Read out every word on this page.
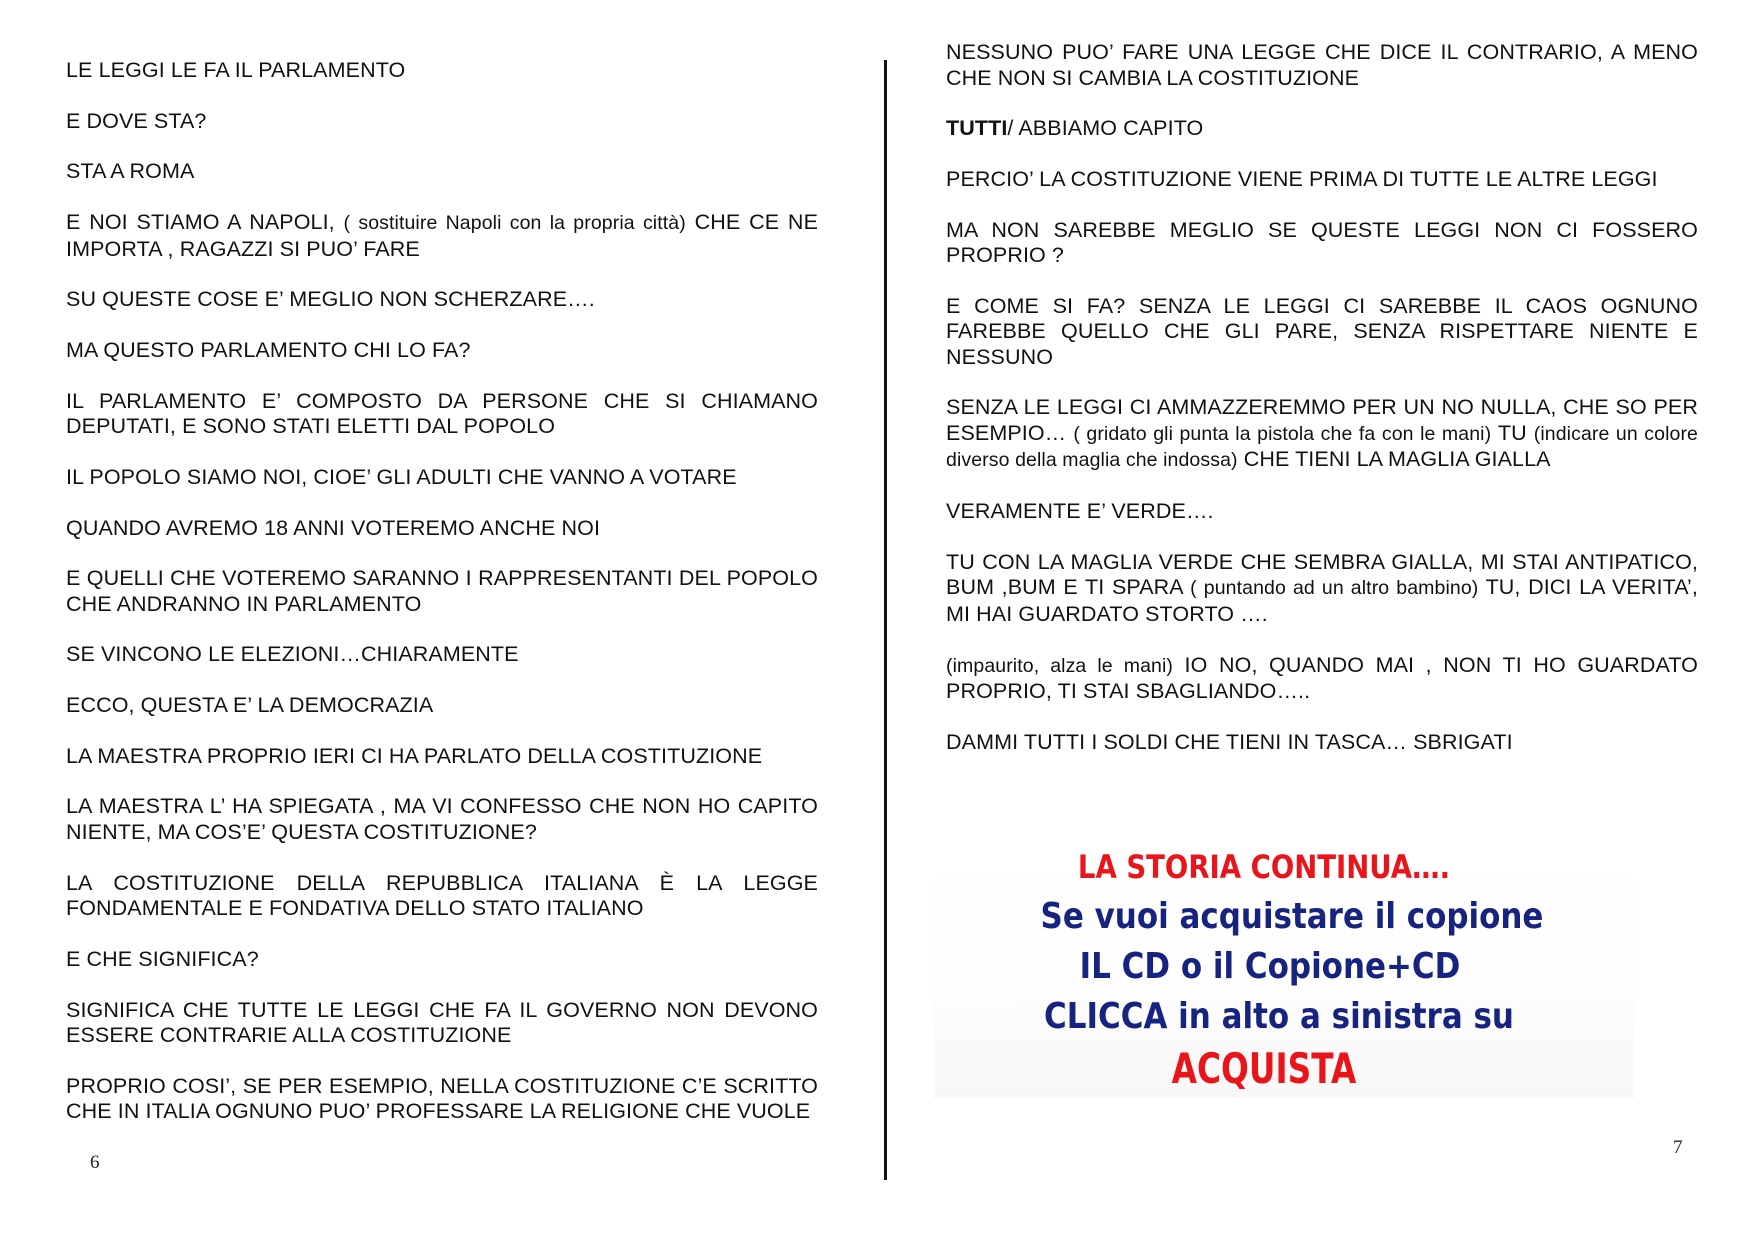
LE LEGGI LE FA IL PARLAMENTO

E DOVE STA?

STA A ROMA

E NOI STIAMO A NAPOLI, ( sostituire Napoli con la propria città) CHE CE NE IMPORTA , RAGAZZI SI PUO’ FARE

SU QUESTE COSE E’ MEGLIO NON SCHERZARE….

MA QUESTO PARLAMENTO CHI LO FA?

IL PARLAMENTO E’ COMPOSTO DA PERSONE CHE SI CHIAMANO DEPUTATI, E SONO STATI ELETTI DAL POPOLO

IL POPOLO SIAMO NOI, CIOE’ GLI ADULTI CHE VANNO A VOTARE

QUANDO AVREMO 18 ANNI VOTEREMO ANCHE NOI

E QUELLI CHE VOTEREMO SARANNO I RAPPRESENTANTI DEL POPOLO CHE ANDRANNO IN PARLAMENTO

SE VINCONO LE ELEZIONI…CHIARAMENTE

ECCO, QUESTA E’ LA DEMOCRAZIA

LA MAESTRA PROPRIO IERI CI HA PARLATO DELLA COSTITUZIONE

LA MAESTRA L’ HA SPIEGATA , MA VI CONFESSO CHE NON HO CAPITO NIENTE, MA COS’E’ QUESTA COSTITUZIONE?

LA COSTITUZIONE DELLA REPUBBLICA ITALIANA È LA LEGGE FONDAMENTALE E FONDATIVA DELLO STATO ITALIANO

E CHE SIGNIFICA?

SIGNIFICA CHE TUTTE LE LEGGI CHE FA IL GOVERNO NON DEVONO ESSERE CONTRARIE ALLA COSTITUZIONE

PROPRIO COSI’, SE PER ESEMPIO, NELLA COSTITUZIONE C’E SCRITTO CHE IN ITALIA OGNUNO PUO’ PROFESSARE LA RELIGIONE CHE VUOLE

6

NESSUNO PUO’ FARE UNA LEGGE CHE DICE IL CONTRARIO, A MENO CHE NON SI CAMBIA LA COSTITUZIONE

TUTTI/ ABBIAMO CAPITO

PERCIO’ LA COSTITUZIONE VIENE PRIMA DI TUTTE LE ALTRE LEGGI

MA NON SAREBBE MEGLIO SE QUESTE LEGGI NON CI FOSSERO PROPRIO ?

E COME SI FA? SENZA LE LEGGI CI SAREBBE IL CAOS OGNUNO FAREBBE QUELLO CHE GLI PARE, SENZA RISPETTARE NIENTE E NESSUNO

SENZA LE LEGGI CI AMMAZZEREMMO PER UN NO NULLA, CHE SO PER ESEMPIO… ( gridato gli punta la pistola che fa con le mani) TU (indicare un colore diverso della maglia che indossa) CHE TIENI LA MAGLIA GIALLA

VERAMENTE E’ VERDE….

TU CON LA MAGLIA VERDE CHE SEMBRA GIALLA, MI STAI ANTIPATICO, BUM ,BUM E TI SPARA ( puntando ad un altro bambino) TU, DICI LA VERITA’, MI HAI GUARDATO STORTO ….

(impaurito, alza le mani) IO NO, QUANDO MAI , NON TI HO GUARDATO PROPRIO, TI STAI SBAGLIANDO…..

DAMMI TUTTI I SOLDI CHE TIENI IN TASCA… SBRIGATI

LA STORIA CONTINUA….
Se vuoi acquistare il copione
IL CD o il Copione+CD
CLICCA in alto a sinistra su
ACQUISTA
7
